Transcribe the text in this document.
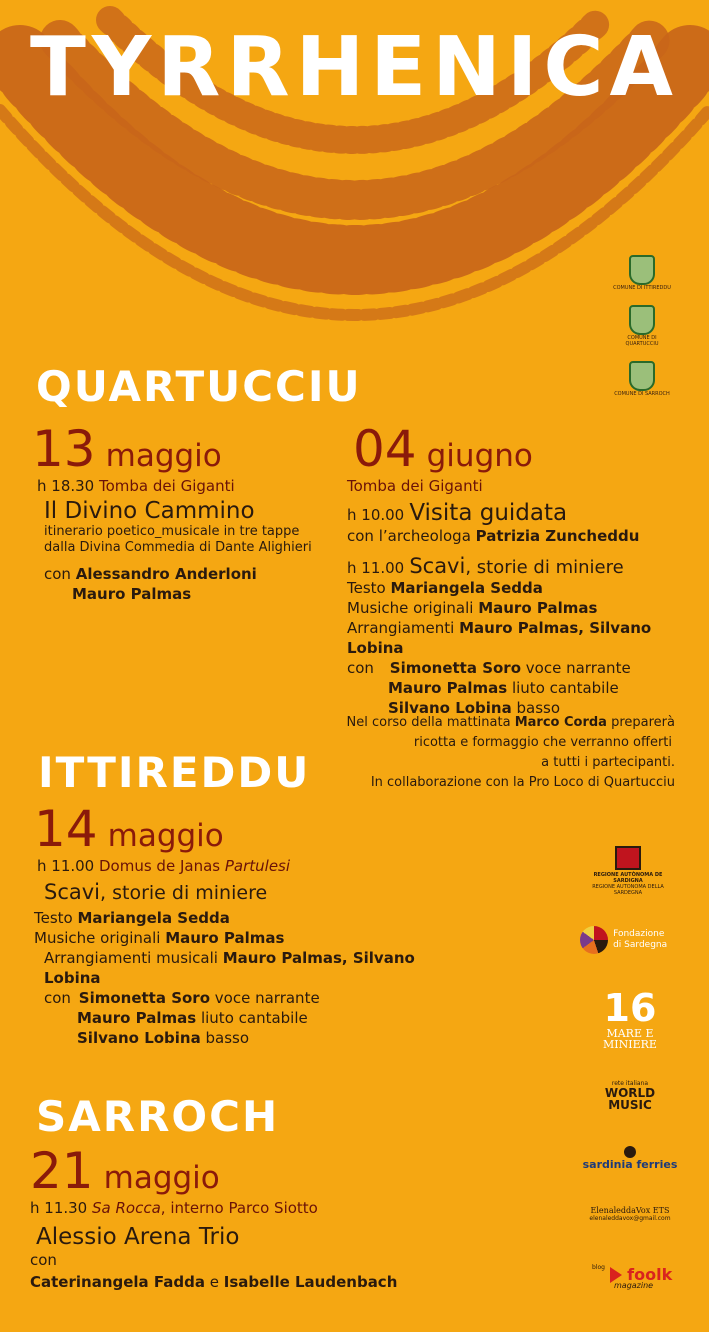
TYRRHENICA
COMUNE DI ITTIREDDU
COMUNE DI QUARTUCCIU
COMUNE DI SARROCH
QUARTUCCIU
13 maggio
h 18.30 Tomba dei Giganti
Il Divino Cammino
itinerario poetico_musicale in tre tappe
dalla Divina Commedia di Dante Alighieri
con Alessandro Anderloni
Mauro Palmas
04 giugno
Tomba dei Giganti
h 10.00 Visita guidata
con l’archeologa Patrizia Zuncheddu
h 11.00 Scavi, storie di miniere
Testo Mariangela Sedda
Musiche originali Mauro Palmas
Arrangiamenti Mauro Palmas, Silvano Lobina
con Simonetta Soro voce narrante
Mauro Palmas liuto cantabile
Silvano Lobina basso
Nel corso della mattinata Marco Corda preparerà
ricotta e formaggio che verranno offerti
a tutti i partecipanti.
In collaborazione con la Pro Loco di Quartucciu
ITTIREDDU
14 maggio
h 11.00 Domus de Janas Partulesi
Scavi, storie di miniere
Testo Mariangela Sedda
Musiche originali Mauro Palmas
Arrangiamenti musicali Mauro Palmas, Silvano Lobina
con Simonetta Soro voce narrante
Mauro Palmas liuto cantabile
Silvano Lobina basso
SARROCH
21 maggio
h 11.30 Sa Rocca, interno Parco Siotto
Alessio Arena Trio
con
Caterinangela Fadda e Isabelle Laudenbach
REGIONE AUTÒNOMA DE SARDIGNA
REGIONE AUTONOMA DELLA SARDEGNA
Fondazione di Sardegna
16
MARE E MINIERE
rete italiana
WORLD MUSIC
sardinia ferries
ElenaleddaVox ETS
elenaleddavox@gmail.com
$^{blog}$ foolk
magazine
